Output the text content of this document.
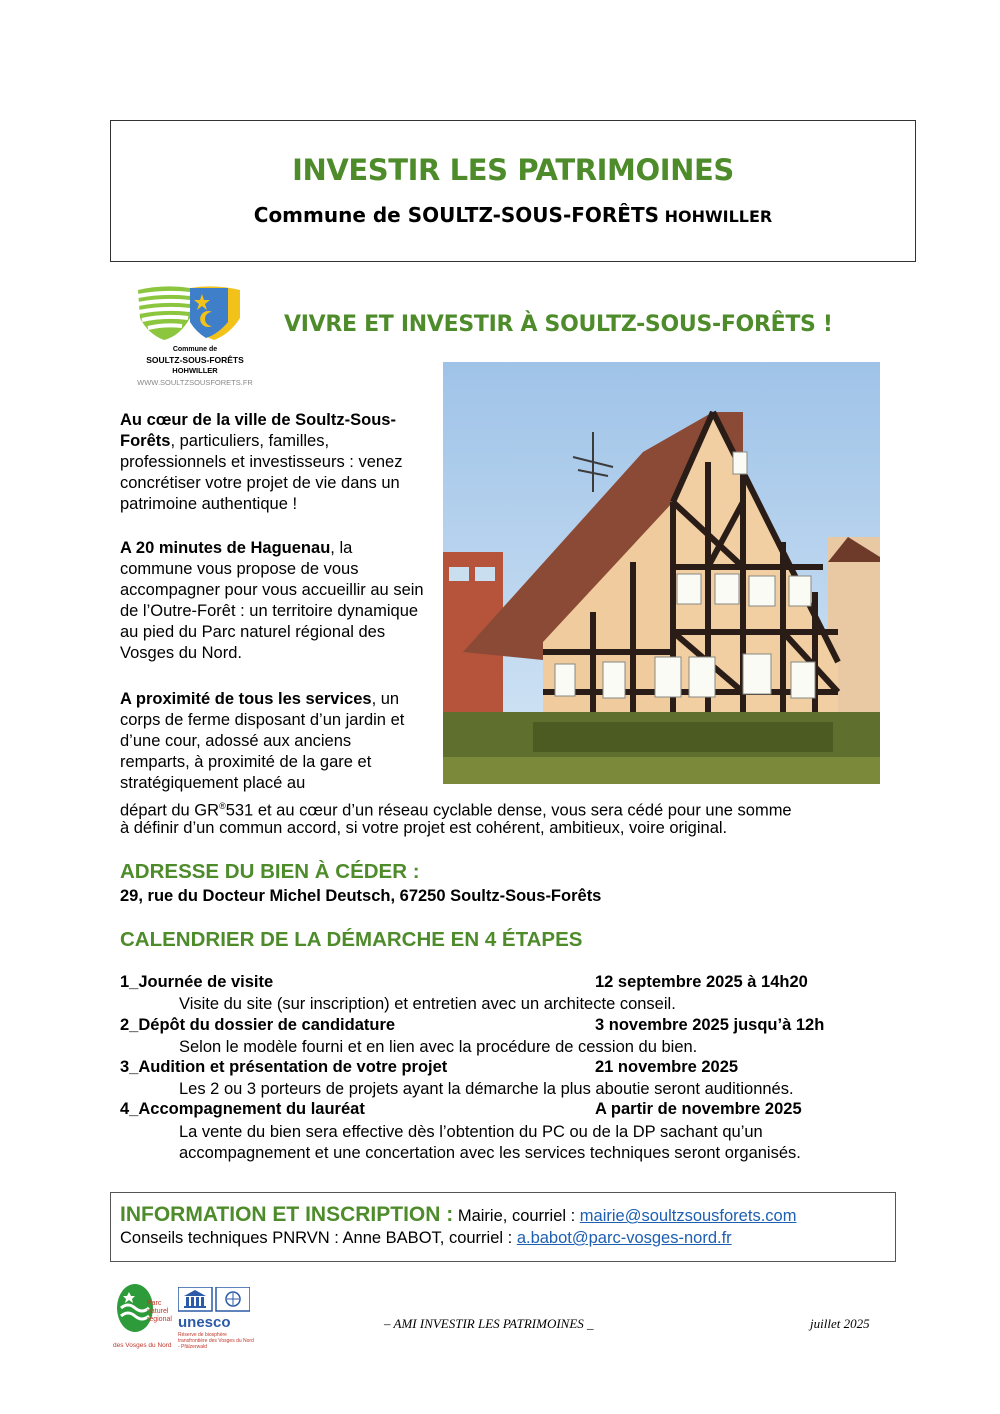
INVESTIR LES PATRIMOINES
Commune de SOULTZ-SOUS-FORÊTS HOHWILLER
Commune de
SOULTZ-SOUS-FORÊTS
HOHWILLER
WWW.SOULTZSOUSFORETS.FR
VIVRE ET INVESTIR À SOULTZ-SOUS-FORÊTS !
Au cœur de la ville de Soultz-Sous-Forêts, particuliers, familles, professionnels et investisseurs : venez concrétiser votre projet de vie dans un patrimoine authentique !
A 20 minutes de Haguenau, la commune vous propose de vous accompagner pour vous accueillir au sein de l’Outre-Forêt : un territoire dynamique au pied du Parc naturel régional des Vosges du Nord.
A proximité de tous les services, un corps de ferme disposant d’un jardin et d’une cour, adossé aux anciens remparts, à proximité de la gare et stratégiquement placé au
départ du GR®531 et au cœur d’un réseau cyclable dense, vous sera cédé pour une somme
à définir d’un commun accord, si votre projet est cohérent, ambitieux, voire original.
ADRESSE DU BIEN À CÉDER :
29, rue du Docteur Michel Deutsch, 67250 Soultz-Sous-Forêts
CALENDRIER DE LA DÉMARCHE EN 4 ÉTAPES
1_Journée de visite	12 septembre 2025 à 14h20
Visite du site (sur inscription) et entretien avec un architecte conseil.
2_Dépôt du dossier de candidature	3 novembre 2025 jusqu’à 12h
Selon le modèle fourni et en lien avec la procédure de cession du bien.
3_Audition et présentation de votre projet	21 novembre 2025
Les 2 ou 3 porteurs de projets ayant la démarche la plus aboutie seront auditionnés.
4_Accompagnement du lauréat	A partir de novembre 2025
La vente du bien sera effective dès l’obtention du PC ou de la DP sachant qu’un
accompagnement et une concertation avec les services techniques seront organisés.
INFORMATION ET INSCRIPTION : Mairie, courriel : mairie@soultzsousforets.com
Conseils techniques PNRVN : Anne BABOT, courriel : a.babot@parc-vosges-nord.fr
Parc
naturel
régional
des Vosges du Nord
unesco
Réserve de biosphère transfrontière des Vosges du Nord - Pfälzerwald
– AMI INVESTIR LES PATRIMOINES _	juillet 2025
